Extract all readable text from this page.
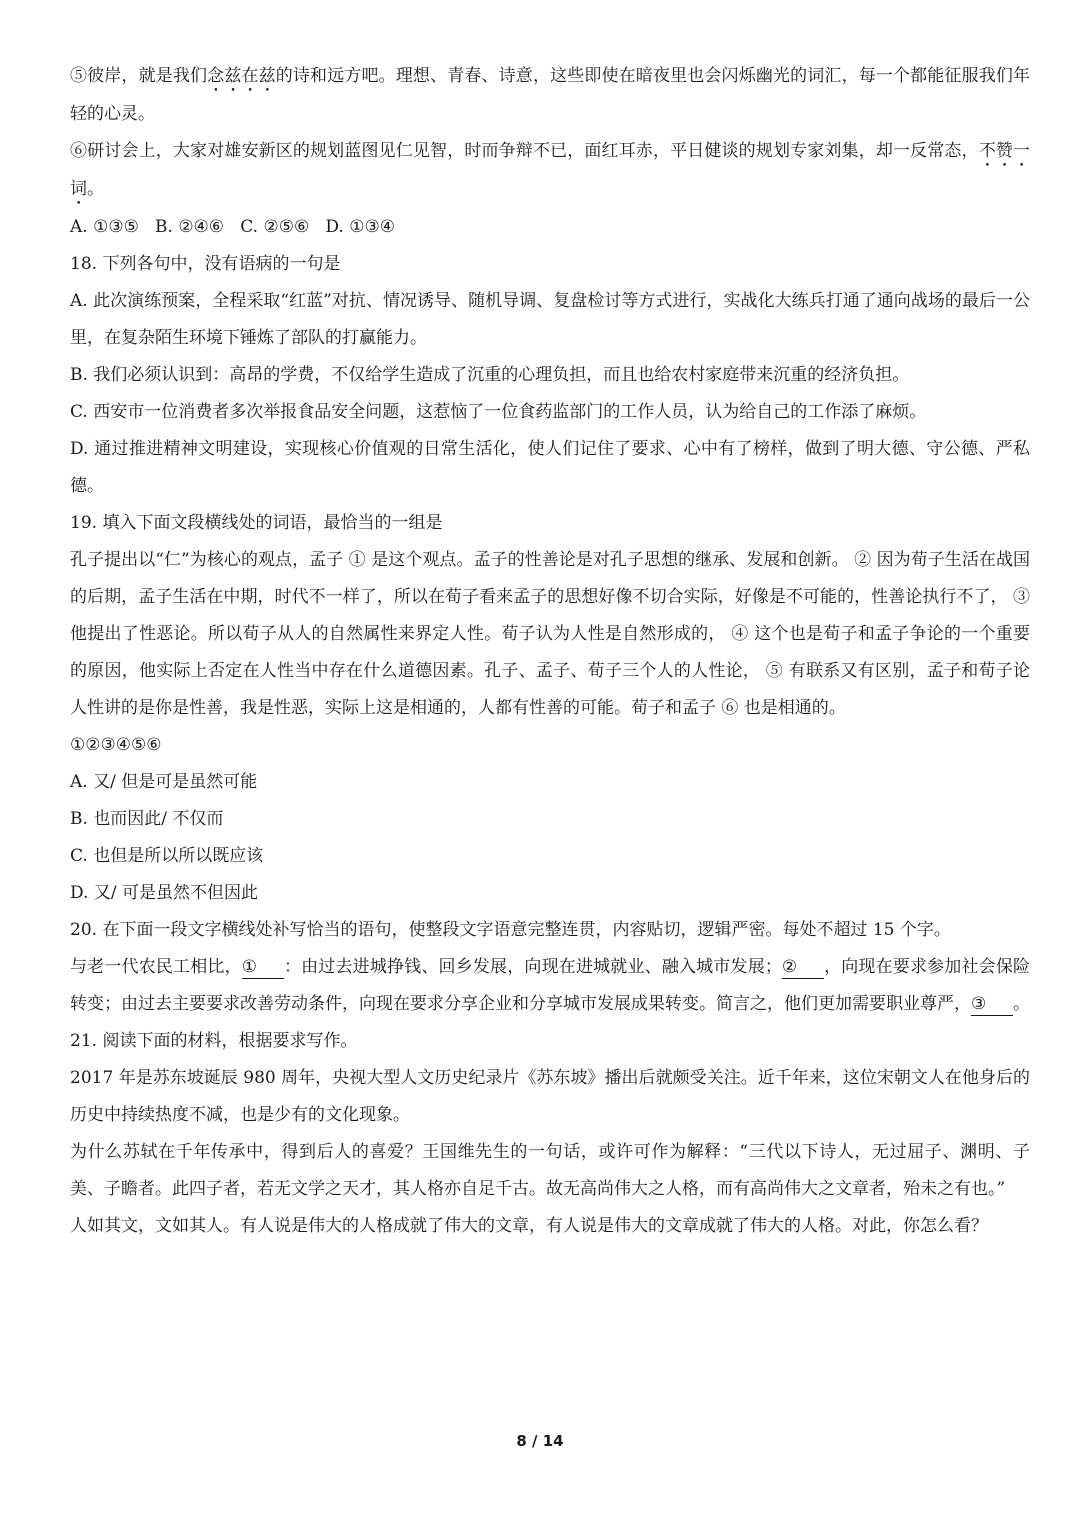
⑤彼岸，就是我们念兹在兹的诗和远方吧。理想、青春、诗意，这些即使在暗夜里也会闪烁幽光的词汇，每一个都能征服我们年轻的心灵。

⑥研讨会上，大家对雄安新区的规划蓝图见仁见智，时而争辩不已，面红耳赤，平日健谈的规划专家刘集，却一反常态，不赞一词。

A. ①③⑤   B. ②④⑥   C. ②⑤⑥   D. ①③④

18. 下列各句中，没有语病的一句是

A. 此次演练预案，全程采取“红蓝”对抗、情况诱导、随机导调、复盘检讨等方式进行，实战化大练兵打通了通向战场的最后一公里，在复杂陌生环境下锤炼了部队的打赢能力。

B. 我们必须认识到：高昂的学费，不仅给学生造成了沉重的心理负担，而且也给农村家庭带来沉重的经济负担。

C. 西安市一位消费者多次举报食品安全问题，这惹恼了一位食药监部门的工作人员，认为给自己的工作添了麻烦。

D. 通过推进精神文明建设，实现核心价值观的日常生活化，使人们记住了要求、心中有了榜样，做到了明大德、守公德、严私德。

19. 填入下面文段横线处的词语，最恰当的一组是

孔子提出以“仁”为核心的观点，孟子 ① 是这个观点。孟子的性善论是对孔子思想的继承、发展和创新。 ② 因为荀子生活在战国的后期，孟子生活在中期，时代不一样了，所以在荀子看来孟子的思想好像不切合实际，好像是不可能的，性善论执行不了， ③ 他提出了性恶论。所以荀子从人的自然属性来界定人性。荀子认为人性是自然形成的， ④ 这个也是荀子和孟子争论的一个重要的原因，他实际上否定在人性当中存在什么道德因素。孔子、孟子、荀子三个人的人性论， ⑤ 有联系又有区别，孟子和荀子论人性讲的是你是性善，我是性恶，实际上这是相通的，人都有性善的可能。荀子和孟子 ⑥ 也是相通的。

①②③④⑤⑥

A. 又/ 但是可是虽然可能

B. 也而因此/ 不仅而

C. 也但是所以所以既应该

D. 又/ 可是虽然不但因此

20. 在下面一段文字横线处补写恰当的语句，使整段文字语意完整连贯，内容贴切，逻辑严密。每处不超过 15 个字。

与老一代农民工相比，① ：由过去进城挣钱、回乡发展，向现在进城就业、融入城市发展；② ，向现在要求参加社会保险转变；由过去主要要求改善劳动条件，向现在要求分享企业和分享城市发展成果转变。简言之，他们更加需要职业尊严，③ 。

21. 阅读下面的材料，根据要求写作。

2017 年是苏东坡诞辰 980 周年，央视大型人文历史纪录片《苏东坡》播出后就颇受关注。近千年来，这位宋朝文人在他身后的历史中持续热度不减，也是少有的文化现象。

为什么苏轼在千年传承中，得到后人的喜爱？王国维先生的一句话，或许可作为解释：“三代以下诗人，无过屈子、渊明、子美、子瞻者。此四子者，若无文学之天才，其人格亦自足千古。故无高尚伟大之人格，而有高尚伟大之文章者，殆未之有也。”

人如其文，文如其人。有人说是伟大的人格成就了伟大的文章，有人说是伟大的文章成就了伟大的人格。对此，你怎么看？

8 / 14
